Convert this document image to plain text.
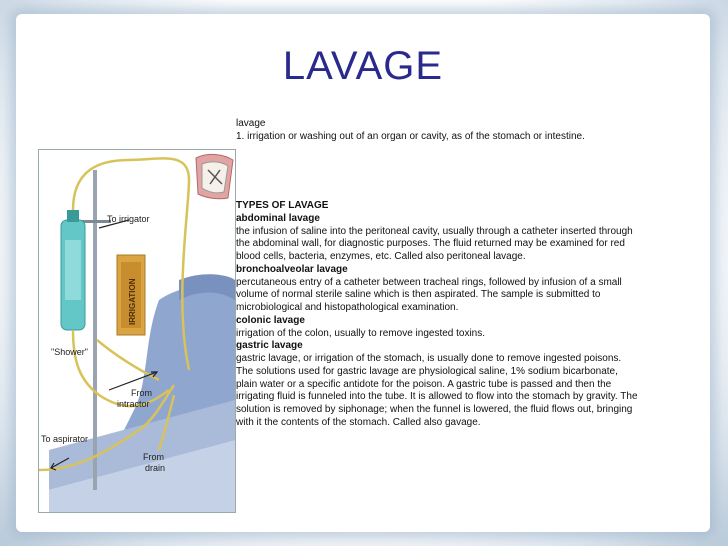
LAVAGE
lavage
1. irrigation or washing out of an organ or cavity, as of the stomach or intestine.
To irrigator
IRRIGATION
"Shower"
From intractor
To aspirator
From drain
TYPES OF LAVAGE
abdominal lavage
the infusion of saline into the peritoneal cavity, usually through a catheter inserted through the abdominal wall, for diagnostic purposes. The fluid returned may be examined for red blood cells, bacteria, enzymes, etc. Called also peritoneal lavage.
bronchoalveolar lavage
percutaneous entry of a catheter between tracheal rings, followed by infusion of a small volume of normal sterile saline which is then aspirated. The sample is submitted to microbiological and histopathological examination.
colonic lavage
irrigation of the colon, usually to remove ingested toxins.
gastric lavage
gastric lavage, or irrigation of the stomach, is usually done to remove ingested poisons. The solutions used for gastric lavage are physiological saline, 1% sodium bicarbonate, plain water or a specific antidote for the poison. A gastric tube is passed and then the irrigating fluid is funneled into the tube. It is allowed to flow into the stomach by gravity. The solution is removed by siphonage; when the funnel is lowered, the fluid flows out, bringing with it the contents of the stomach. Called also gavage.
